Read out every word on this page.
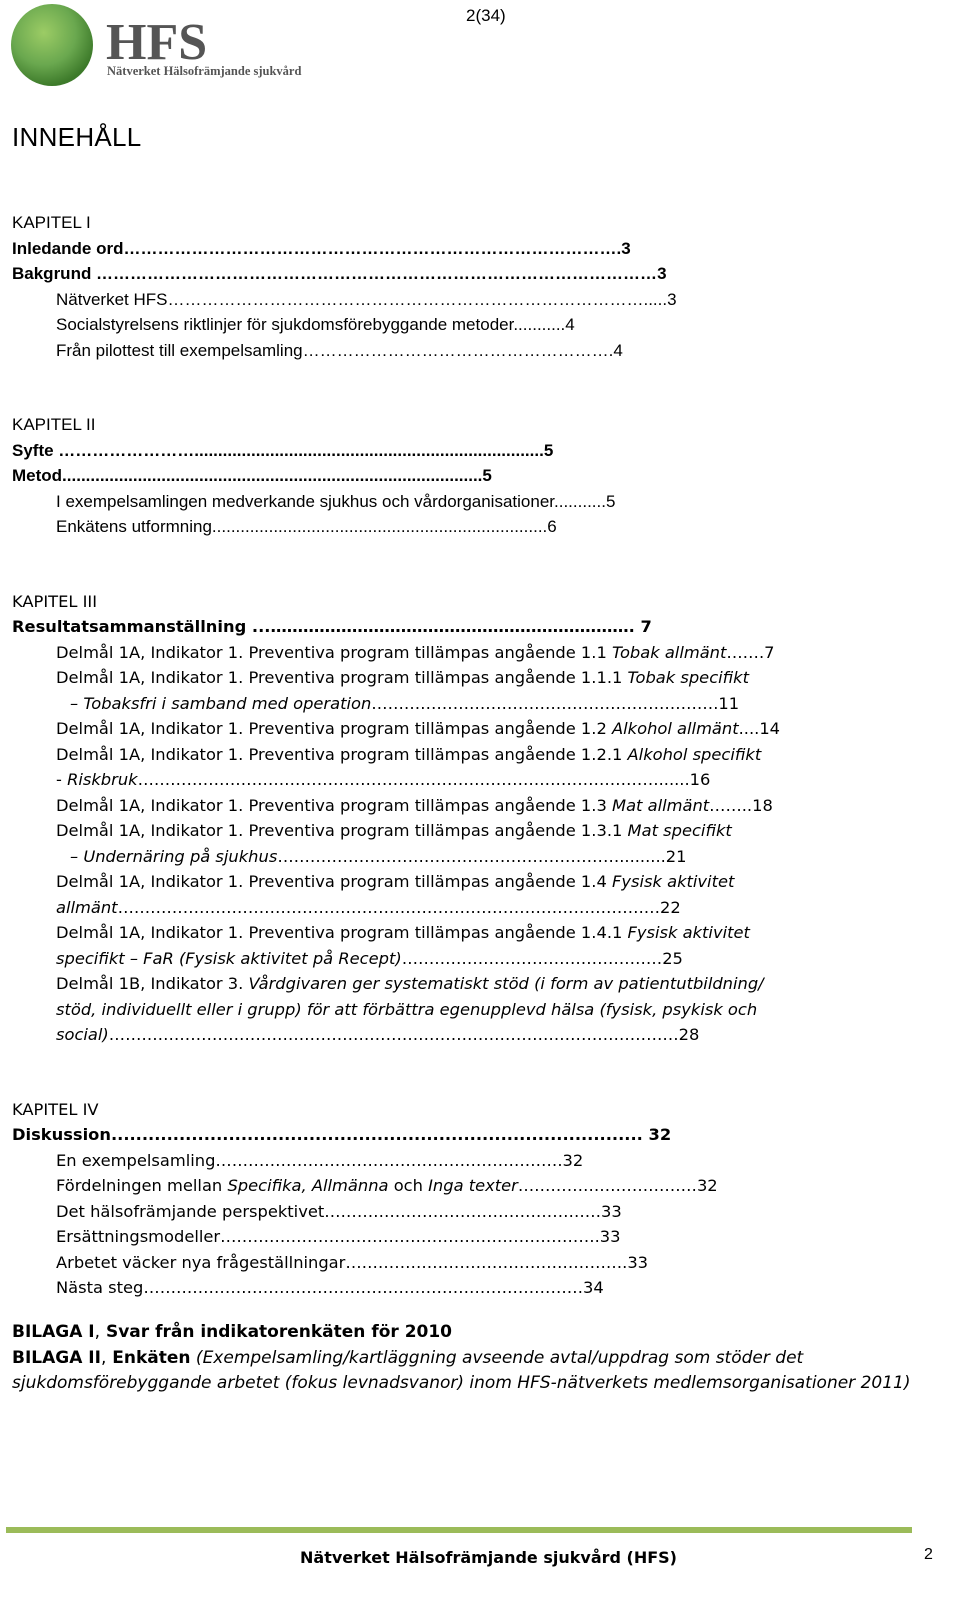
HFS
Nätverket Hälsofrämjande sjukvård
2(34)
INNEHÅLL
KAPITEL I
Inledande ord…………………………………………………………………………….3
Bakgrund ………………………………………………………………………………………3
Nätverket HFS………………………………………………………………………….....3
Socialstyrelsens riktlinjer för sjukdomsförebyggande metoder...........4
Från pilottest till exempelsamling……………………………………………….4
KAPITEL II
Syfte ……………………..........................................................................5
Metod.........................................................................................5
I exempelsamlingen medverkande sjukhus och vårdorganisationer...........5
Enkätens utformning.......................................................................6
KAPITEL III
Resultatsammanställning ...…………………………………………………………. 7
Delmål 1A, Indikator 1. Preventiva program tillämpas angående 1.1 Tobak allmänt…….7
Delmål 1A, Indikator 1. Preventiva program tillämpas angående 1.1.1 Tobak specifikt
– Tobaksfri i samband med operation……………………………………………………….11
Delmål 1A, Indikator 1. Preventiva program tillämpas angående 1.2 Alkohol allmänt....14
Delmål 1A, Indikator 1. Preventiva program tillämpas angående 1.2.1 Alkohol specifikt
- Riskbruk……………………………………………………………………………………......16
Delmål 1A, Indikator 1. Preventiva program tillämpas angående 1.3 Mat allmänt……..18
Delmål 1A, Indikator 1. Preventiva program tillämpas angående 1.3.1 Mat specifikt
– Undernäring på sjukhus……………………………………………………….........21
Delmål 1A, Indikator 1. Preventiva program tillämpas angående 1.4 Fysisk aktivitet
allmänt…………………………………………………………………………………….…22
Delmål 1A, Indikator 1. Preventiva program tillämpas angående 1.4.1 Fysisk aktivitet
specifikt – FaR (Fysisk aktivitet på Recept)…………………………………………25
Delmål 1B, Indikator 3. Vårdgivaren ger systematiskt stöd (i form av patientutbildning/
stöd, individuellt eller i grupp) för att förbättra egenupplevd hälsa (fysisk, psykisk och
social)……………………………………………………………………………………………28
KAPITEL IV
Diskussion...................................................................................... 32
En exempelsamling……………………………………………………….32
Fördelningen mellan Specifika, Allmänna och Inga texter……………………………32
Det hälsofrämjande perspektivet……………………………………………33
Ersättningsmodeller…………………………………………………………….33
Arbetet väcker nya frågeställningar…………………………………………….33
Nästa steg………………………………………………………………………34
BILAGA I, Svar från indikatorenkäten för 2010
BILAGA II, Enkäten (Exempelsamling/kartläggning avseende avtal/uppdrag som stöder det
sjukdomsförebyggande arbetet (fokus levnadsvanor) inom HFS-nätverkets medlemsorganisationer 2011)
Nätverket Hälsofrämjande sjukvård (HFS)	2
